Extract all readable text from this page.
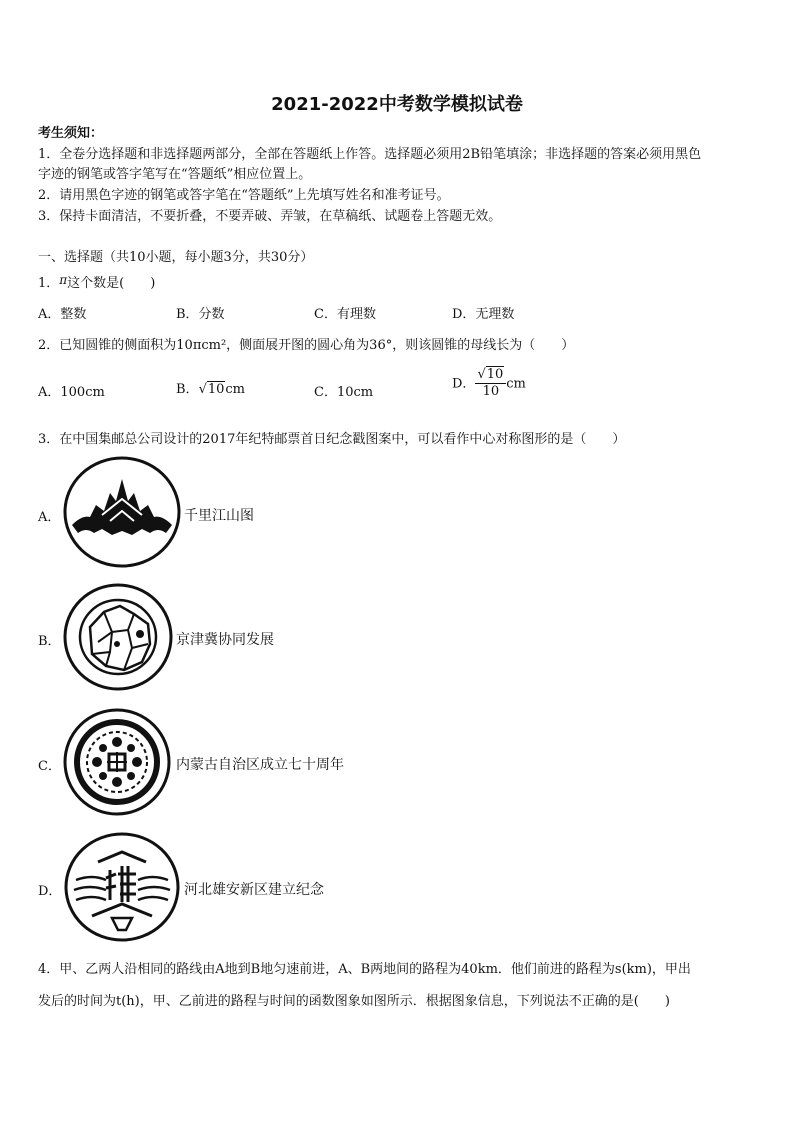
2021-2022中考数学模拟试卷
考生须知：
1．全卷分选择题和非选择题两部分，全部在答题纸上作答。选择题必须用2B铅笔填涂；非选择题的答案必须用黑色
字迹的钢笔或答字笔写在“答题纸”相应位置上。
2．请用黑色字迹的钢笔或答字笔在“答题纸”上先填写姓名和准考证号。
3．保持卡面清洁，不要折叠，不要弄破、弄皱，在草稿纸、试题卷上答题无效。
一、选择题（共10小题，每小题3分，共30分）
1．π这个数是(　　)
A．整数	B．分数	C．有理数	D．无理数
2．已知圆锥的侧面积为10πcm²，侧面展开图的圆心角为36°，则该圆锥的母线长为（　　）
A．100cm	B．√10cm	C．10cm
D． $\frac{√10}{10}$ cm
3．在中国集邮总公司设计的2017年纪特邮票首日纪念戳图案中，可以看作中心对称图形的是（　　）
A．	千里江山图
B．	京津冀协同发展
C．	内蒙古自治区成立七十周年
D．	河北雄安新区建立纪念
4．甲、乙两人沿相同的路线由A地到B地匀速前进，A、B两地间的路程为40km．他们前进的路程为s(km)，甲出
发后的时间为t(h)，甲、乙前进的路程与时间的函数图象如图所示．根据图象信息，下列说法不正确的是(　　)
